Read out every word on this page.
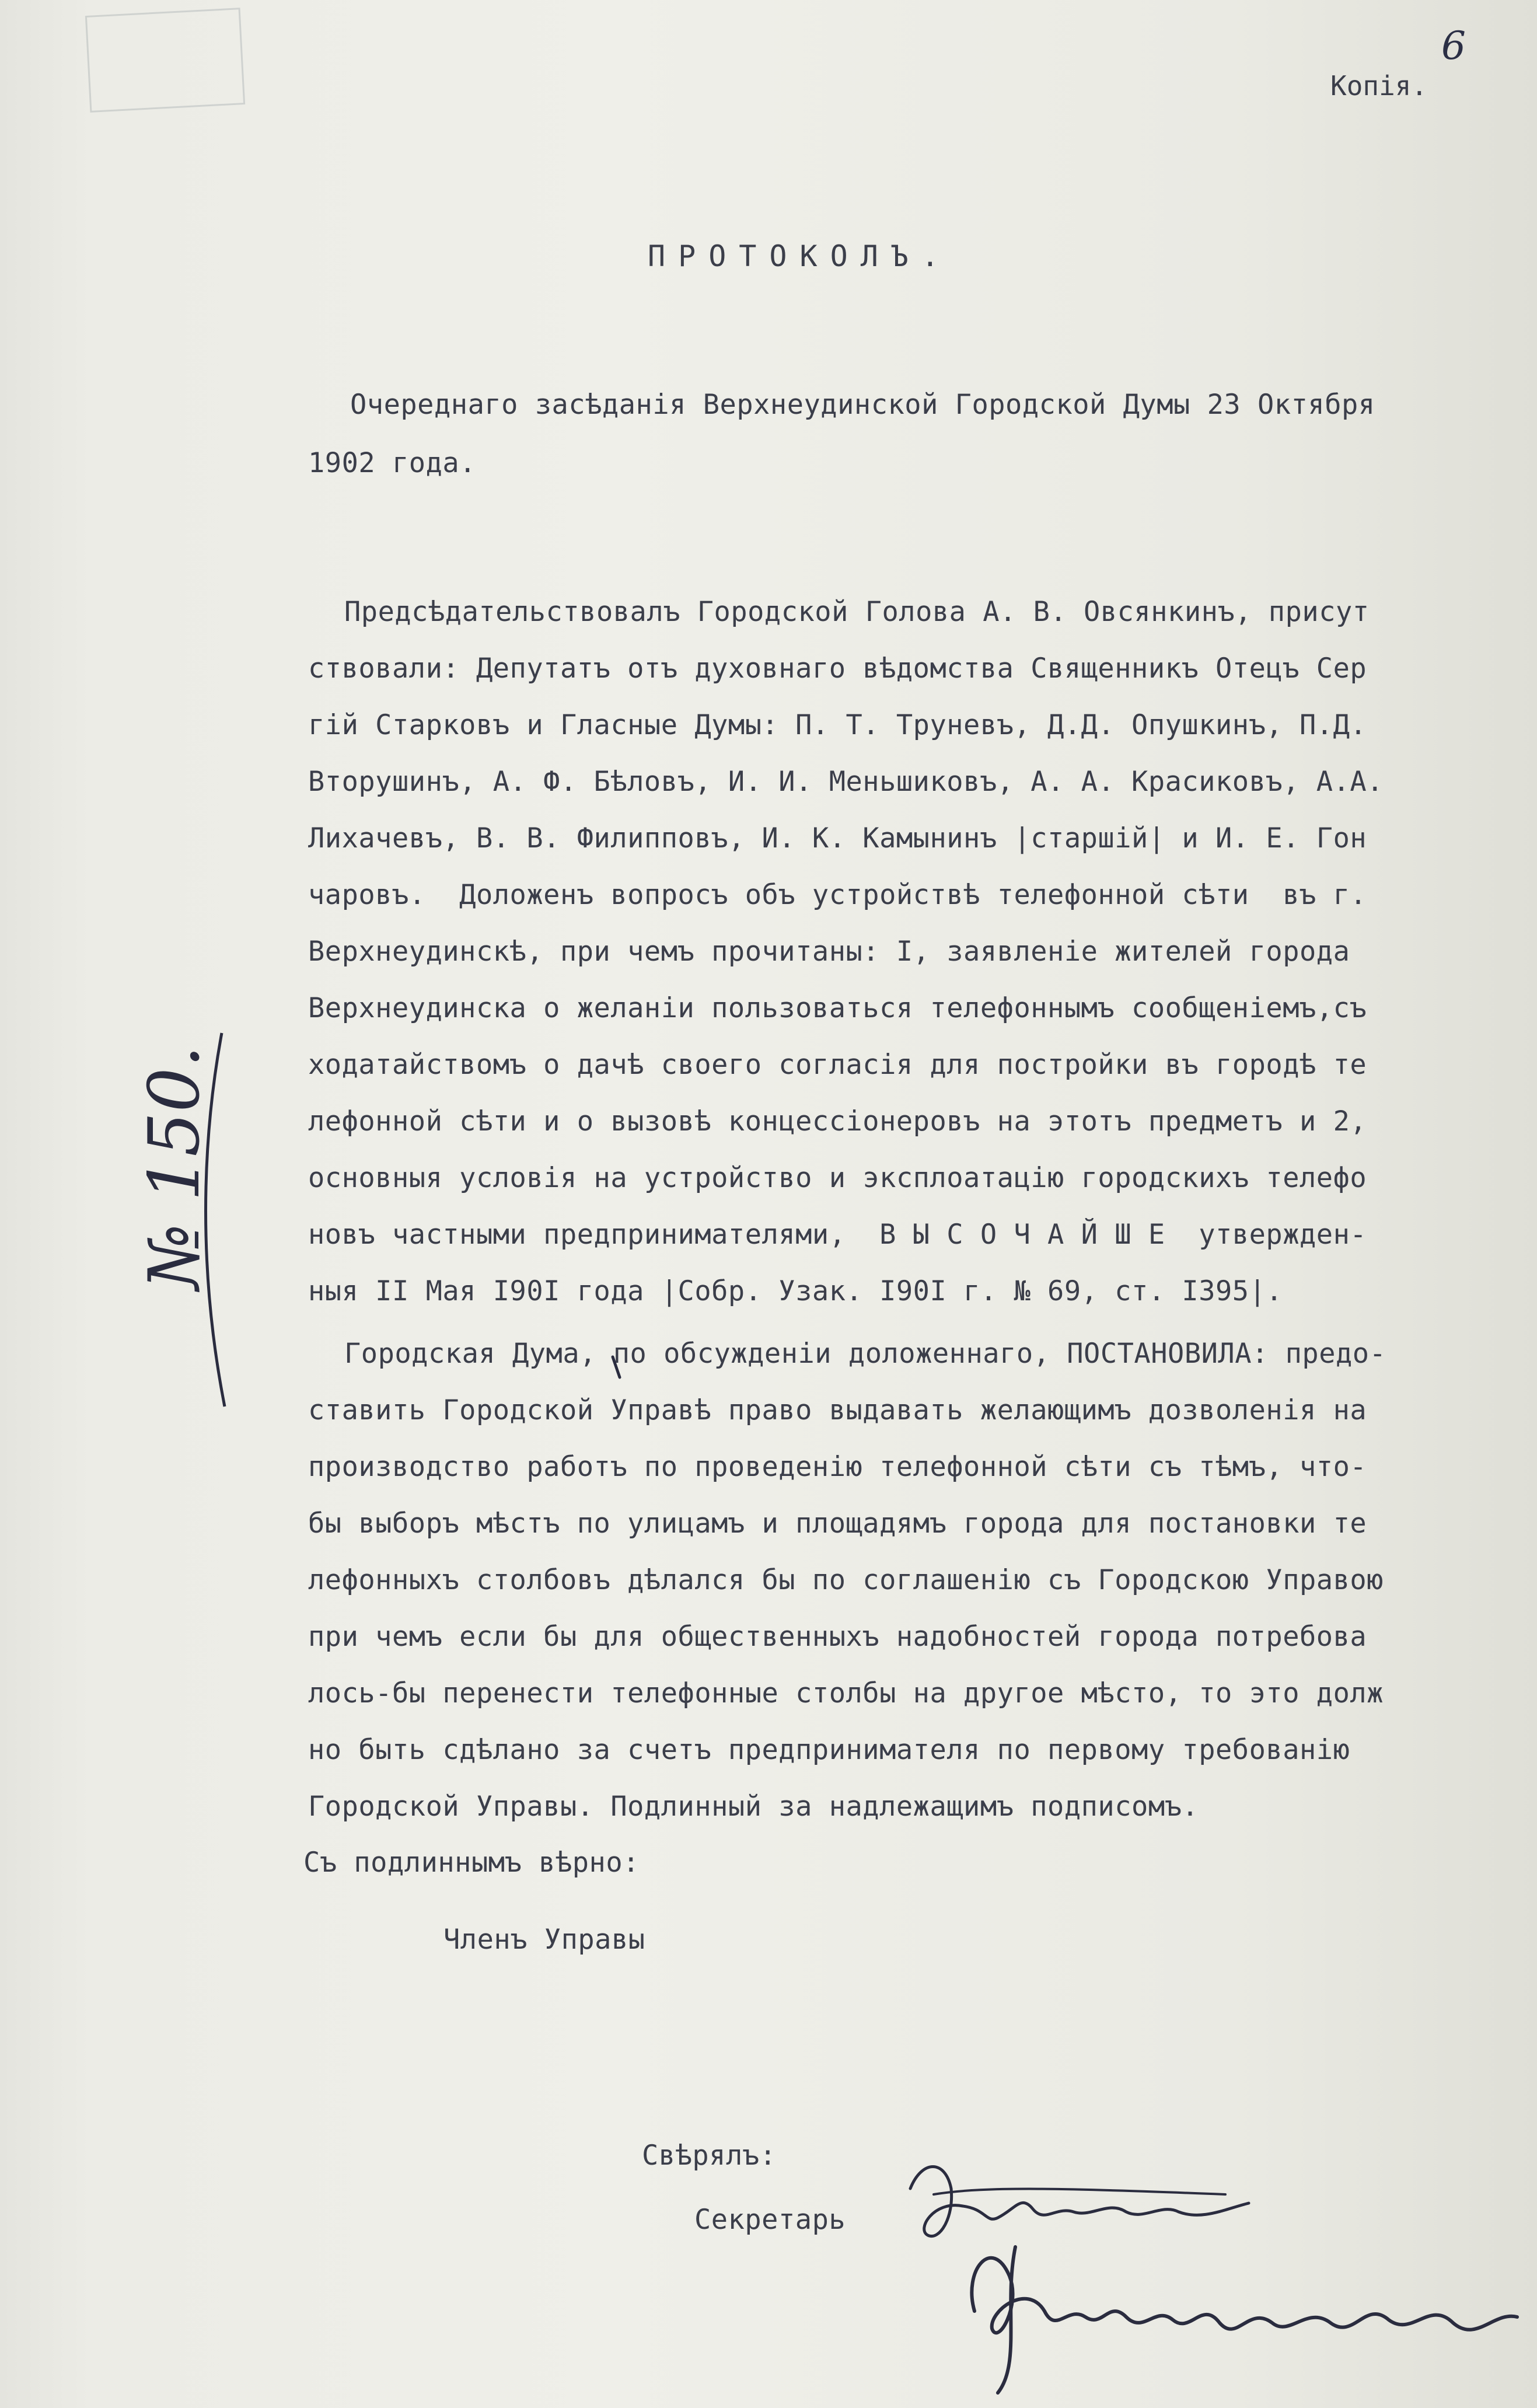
6
Копія.
ПРОТОКОЛЪ.
Очереднаго засѣданія Верхнеудинской Городской Думы 23 Октября
1902 года.
Предсѣдательствовалъ Городской Голова А. В. Овсянкинъ, присут
ствовали: Депутатъ отъ духовнаго вѣдомства Священникъ Отецъ Сер
гій Старковъ и Гласные Думы: П. Т. Труневъ, Д.Д. Опушкинъ, П.Д.
Вторушинъ, А. Ф. Бѣловъ, И. И. Меньшиковъ, А. А. Красиковъ, А.А.
Лихачевъ, В. В. Филипповъ, И. К. Камынинъ |старшій| и И. Е. Гон
чаровъ.  Доложенъ вопросъ объ устройствѣ телефонной сѣти  въ г.
Верхнеудинскѣ, при чемъ прочитаны: I, заявленіе жителей города
Верхнеудинска о желаніи пользоваться телефоннымъ сообщеніемъ,съ
ходатайствомъ о дачѣ своего согласія для постройки въ городѣ те
лефонной сѣти и о вызовѣ концессіонеровъ на этотъ предметъ и 2,
основныя условія на устройство и эксплоатацію городскихъ телефо
новъ частными предпринимателями,  В Ы С О Ч А Й Ш Е  утвержден-
ныя II Мая I90I года |Собр. Узак. I90I г. № 69, ст. I395|.
Городская Дума, по обсужденіи доложеннаго, ПОСТАНОВИЛА: предо-
ставить Городской Управѣ право выдавать желающимъ дозволенія на
производство работъ по проведенію телефонной сѣти съ тѣмъ, чтo-
бы выборъ мѣстъ по улицамъ и площадямъ города для постановки те
лефонныхъ столбовъ дѣлался бы по соглашенію съ Городскою Управою
при чемъ если бы для общественныхъ надобностей города потребова
лось-бы перенести телефонные столбы на другое мѣсто, то это долж
но быть сдѣлано за счетъ предпринимателя по первому требованію
Городской Управы. Подлинный за надлежащимъ подписомъ.
Съ подлиннымъ вѣрно:
Членъ Управы
Свѣрялъ:
Секретарь
№ 150.
